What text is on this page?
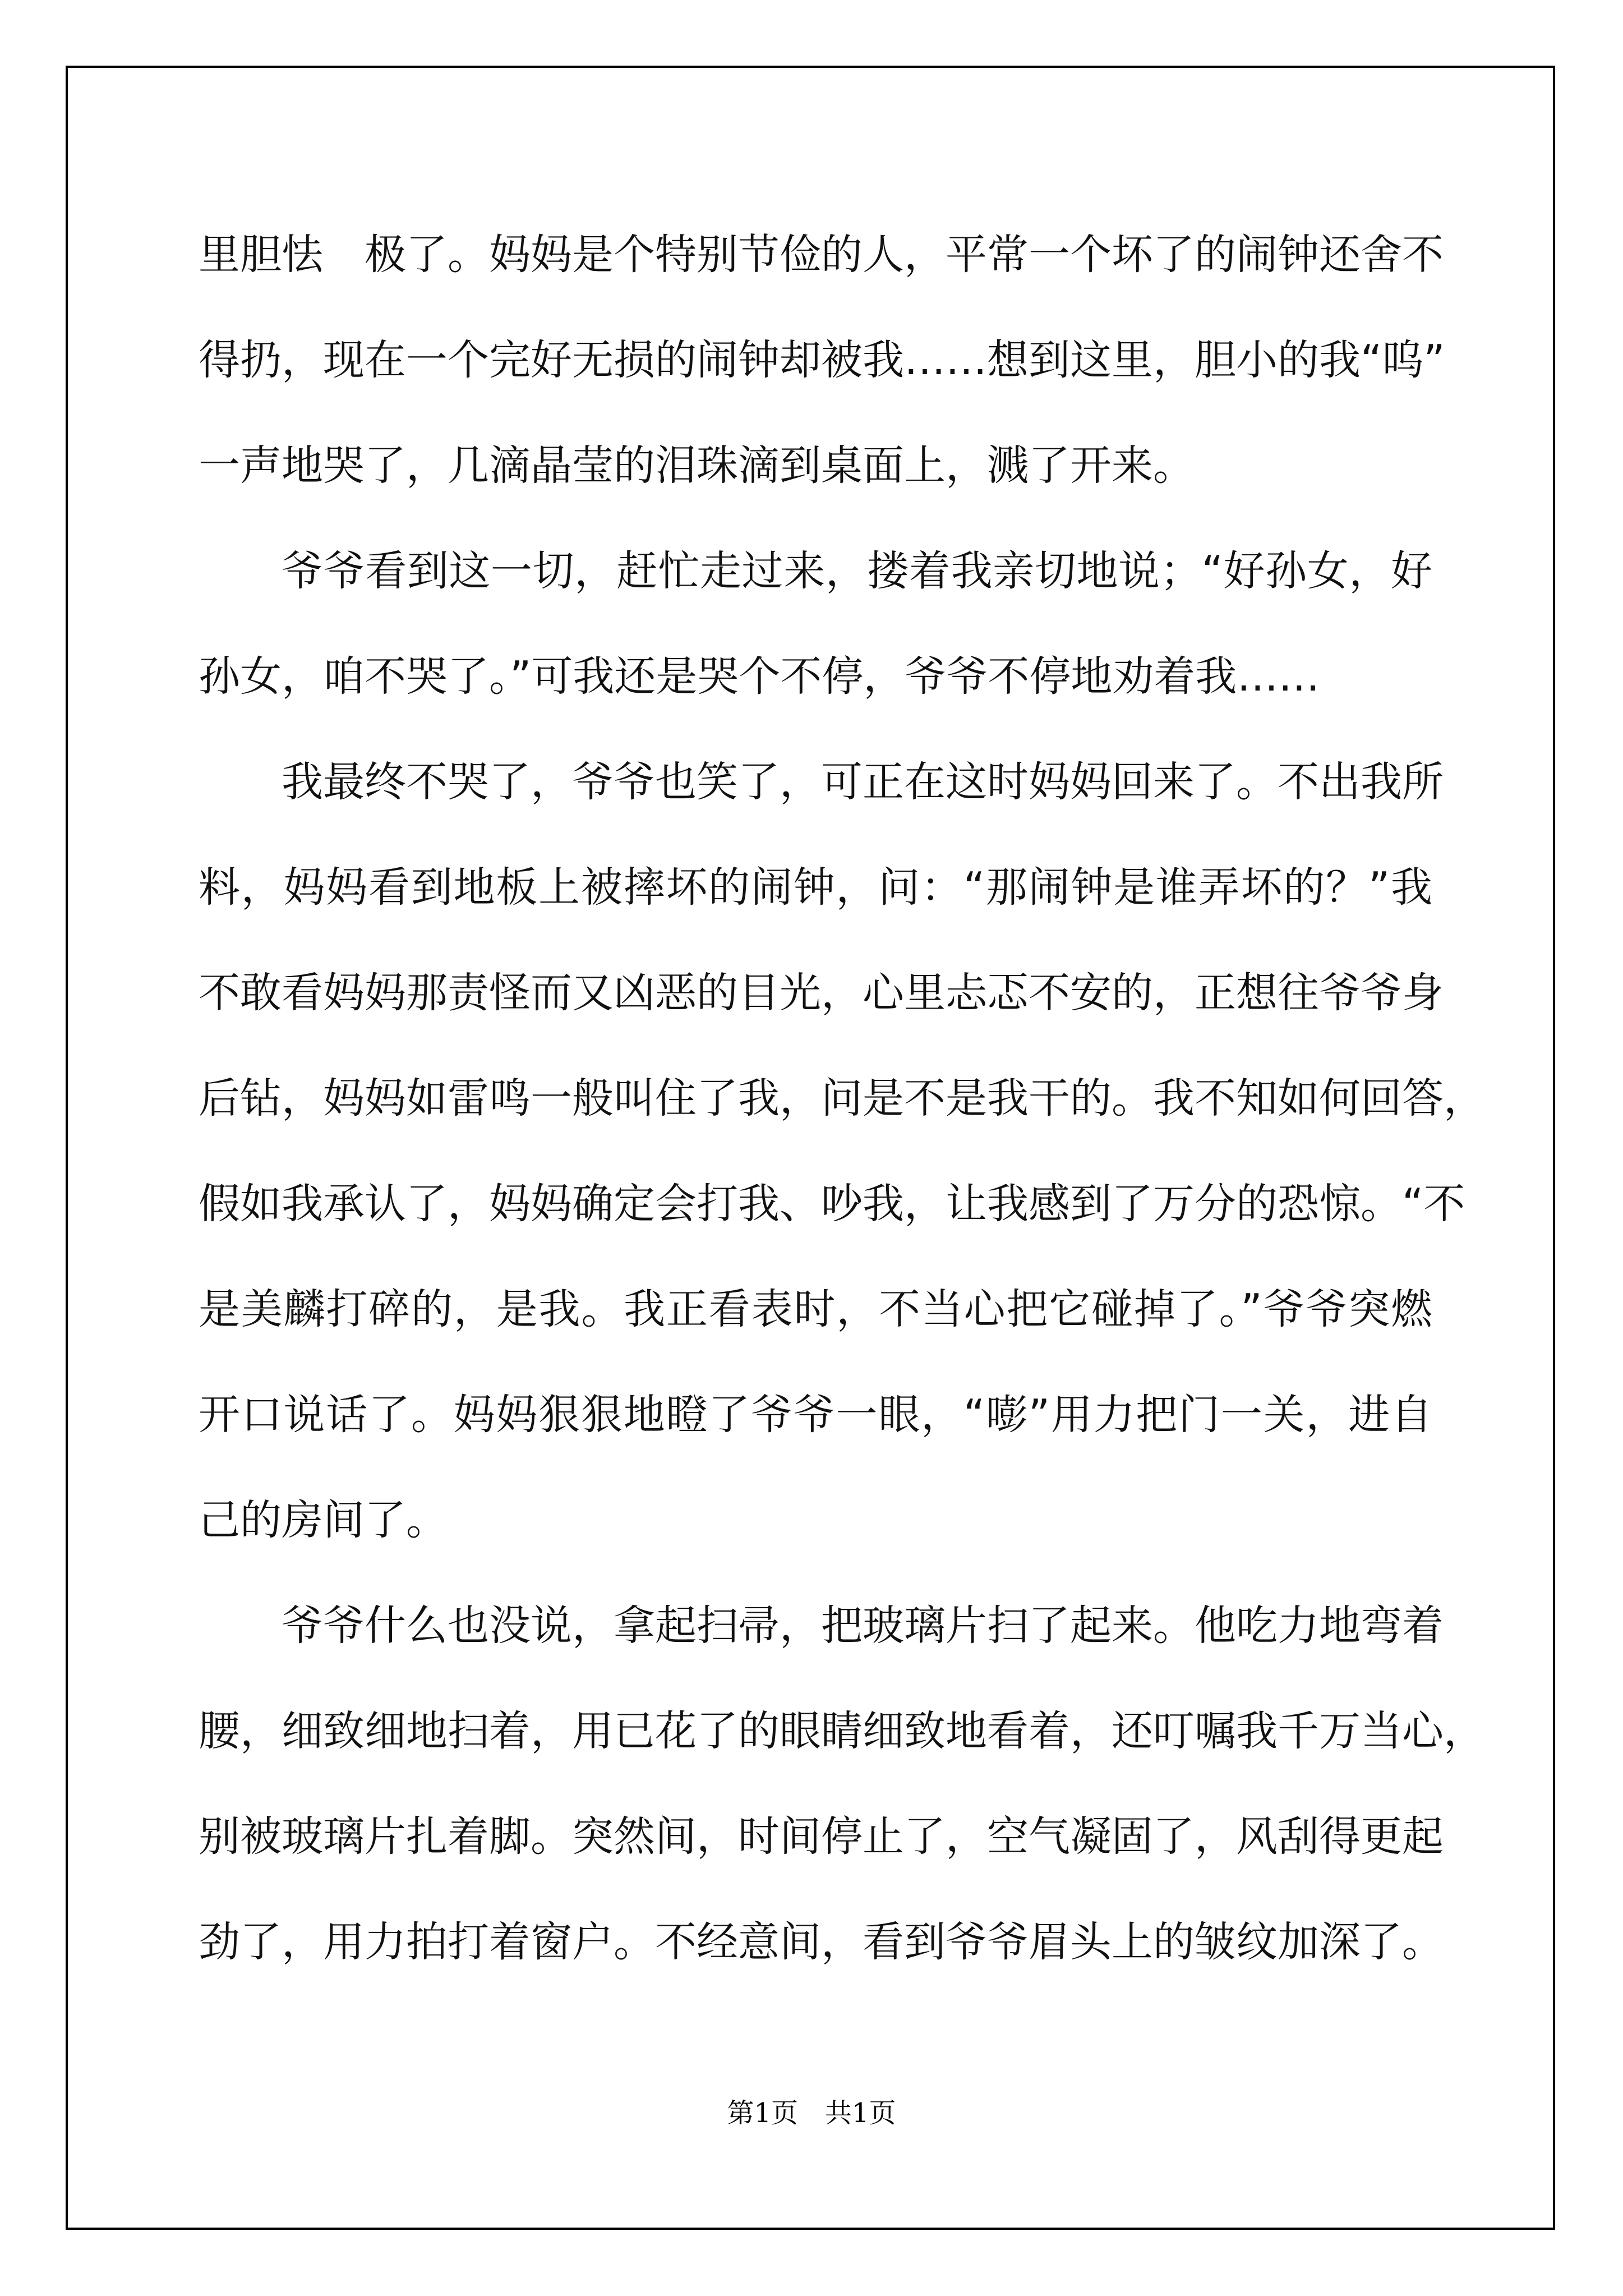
里胆怯　极了。妈妈是个特别节俭的人，平常一个坏了的闹钟还舍不
得扔，现在一个完好无损的闹钟却被我……想到这里，胆小的我“呜”
一声地哭了，几滴晶莹的泪珠滴到桌面上，溅了开来。
爷爷看到这一切，赶忙走过来，搂着我亲切地说；“好孙女，好
孙女，咱不哭了。”可我还是哭个不停，爷爷不停地劝着我……
我最终不哭了，爷爷也笑了，可正在这时妈妈回来了。不出我所
料，妈妈看到地板上被摔坏的闹钟，问：“那闹钟是谁弄坏的？”我
不敢看妈妈那责怪而又凶恶的目光，心里忐忑不安的，正想往爷爷身
后钻，妈妈如雷鸣一般叫住了我，问是不是我干的。我不知如何回答，
假如我承认了，妈妈确定会打我、吵我，让我感到了万分的恐惊。“不
是美麟打碎的，是我。我正看表时，不当心把它碰掉了。”爷爷突燃
开口说话了。妈妈狠狠地瞪了爷爷一眼，“嘭”用力把门一关，进自
己的房间了。
爷爷什么也没说，拿起扫帚，把玻璃片扫了起来。他吃力地弯着
腰，细致细地扫着，用已花了的眼睛细致地看着，还叮嘱我千万当心，
别被玻璃片扎着脚。突然间，时间停止了，空气凝固了，风刮得更起
劲了，用力拍打着窗户。不经意间，看到爷爷眉头上的皱纹加深了。
第1页 共1页
